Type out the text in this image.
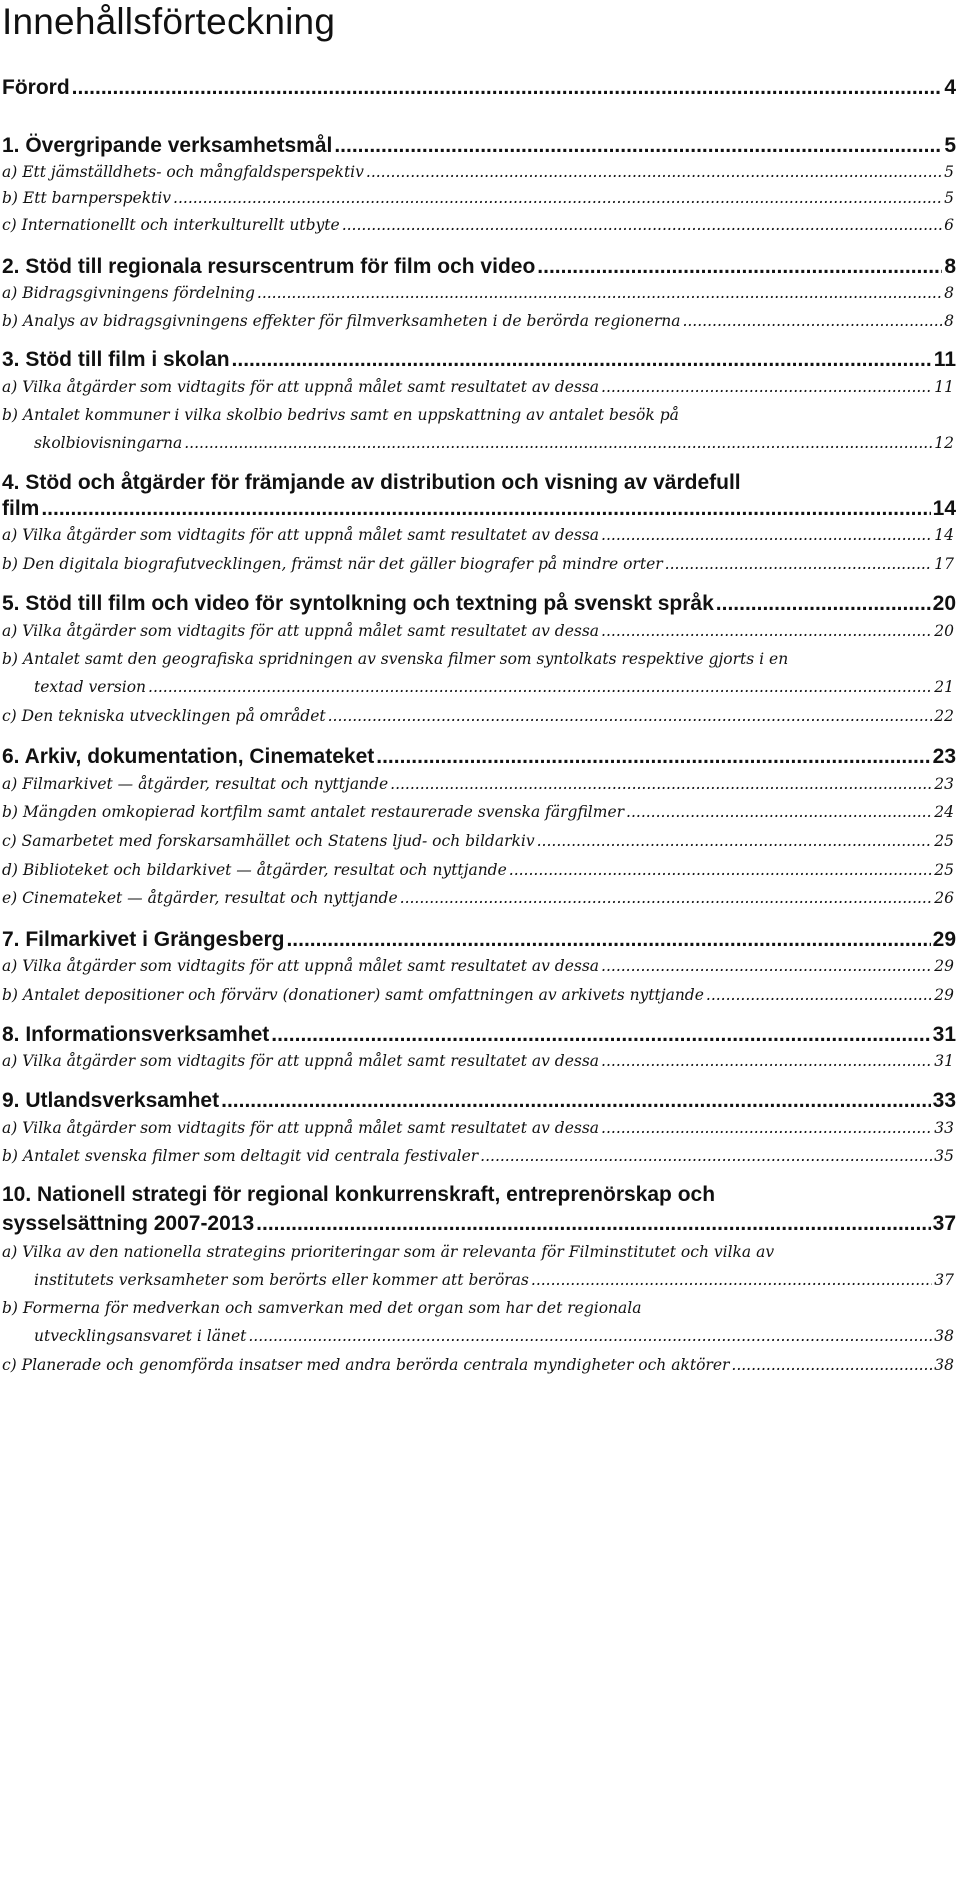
Innehållsförteckning
Förord .....	4
1. Övergripande verksamhetsmål .....	5
a) Ett jämställdhets- och mångfaldsperspektiv .....	5
b) Ett barnperspektiv .....	5
c) Internationellt och interkulturellt utbyte .....	6
2. Stöd till regionala resurscentrum för film och video .....	8
a) Bidragsgivningens fördelning .....	8
b) Analys av bidragsgivningens effekter för filmverksamheten i de berörda regionerna .....	8
3. Stöd till film i skolan .....	11
a) Vilka åtgärder som vidtagits för att uppnå målet samt resultatet av dessa .....	11
b) Antalet kommuner i vilka skolbio bedrivs samt en uppskattning av antalet besök på
skolbiovisningarna .....	12
4. Stöd och åtgärder för främjande av distribution och visning av värdefull
film .....	14
a) Vilka åtgärder som vidtagits för att uppnå målet samt resultatet av dessa .....	14
b) Den digitala biografutvecklingen, främst när det gäller biografer på mindre orter .....	17
5. Stöd till film och video för syntolkning och textning på svenskt språk .....	20
a) Vilka åtgärder som vidtagits för att uppnå målet samt resultatet av dessa .....	20
b) Antalet samt den geografiska spridningen av svenska filmer som syntolkats respektive gjorts i en
textad version .....	21
c) Den tekniska utvecklingen på området .....	22
6. Arkiv, dokumentation, Cinemateket .....	23
a) Filmarkivet — åtgärder, resultat och nyttjande .....	23
b) Mängden omkopierad kortfilm samt antalet restaurerade svenska färgfilmer .....	24
c) Samarbetet med forskarsamhället och Statens ljud- och bildarkiv .....	25
d) Biblioteket och bildarkivet — åtgärder, resultat och nyttjande .....	25
e) Cinemateket — åtgärder, resultat och nyttjande .....	26
7. Filmarkivet i Grängesberg .....	29
a) Vilka åtgärder som vidtagits för att uppnå målet samt resultatet av dessa .....	29
b) Antalet depositioner och förvärv (donationer) samt omfattningen av arkivets nyttjande .....	29
8. Informationsverksamhet .....	31
a) Vilka åtgärder som vidtagits för att uppnå målet samt resultatet av dessa .....	31
9. Utlandsverksamhet .....	33
a) Vilka åtgärder som vidtagits för att uppnå målet samt resultatet av dessa .....	33
b) Antalet svenska filmer som deltagit vid centrala festivaler .....	35
10. Nationell strategi för regional konkurrenskraft, entreprenörskap och
sysselsättning 2007-2013 .....	37
a) Vilka av den nationella strategins prioriteringar som är relevanta för Filminstitutet och vilka av
institutets verksamheter som berörts eller kommer att beröras .....	37
b) Formerna för medverkan och samverkan med det organ som har det regionala
utvecklingsansvaret i länet .....	38
c) Planerade och genomförda insatser med andra berörda centrala myndigheter och aktörer .....	38
